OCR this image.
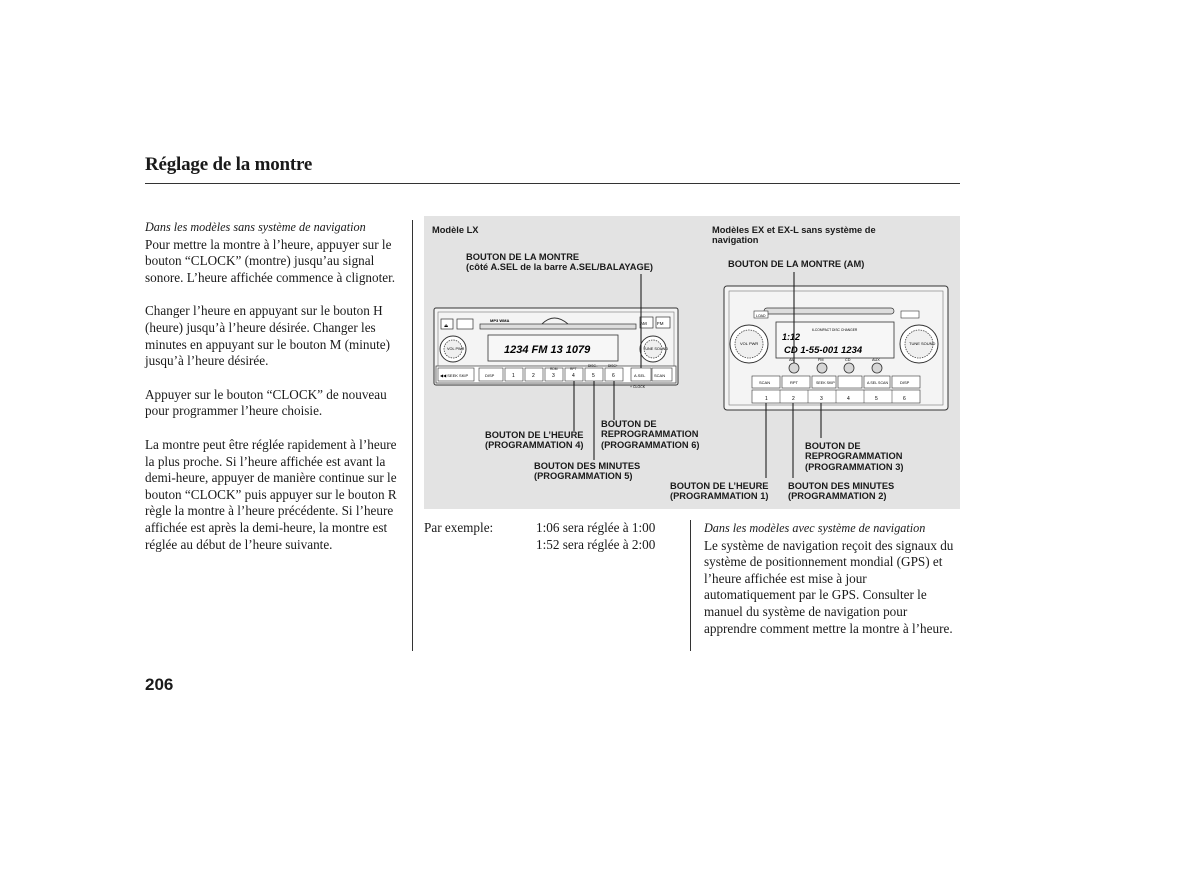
Réglage de la montre
Dans les modèles sans système de navigation

Pour mettre la montre à l’heure, appuyer sur le bouton “CLOCK” (montre) jusqu’au signal sonore. L’heure affichée commence à clignoter.

Changer l’heure en appuyant sur le bouton H (heure) jusqu’à l’heure désirée. Changer les minutes en appuyant sur le bouton M (minute) jusqu’à l’heure désirée.

Appuyer sur le bouton “CLOCK” de nouveau pour programmer l’heure choisie.

La montre peut être réglée rapidement à l’heure la plus proche. Si l’heure affichée est avant la demi-heure, appuyer de manière continue sur le bouton “CLOCK” puis appuyer sur le bouton R règle la montre à l’heure précédente. Si l’heure affichée est après la demi-heure, la montre est réglée au début de l’heure suivante.

1234 FM 13 1079
⏏	AM FM
MP3 WMA
VOL PWR	TUNE SOUND
◀◀ SEEK SKIP	DISP	1	2	3	4	5	6
RDM	RPT
DISC–	DISC+
A.SEL SCAN
+ CLOCK
1:12
CD 1-55-001 1234
6-COMPACT DISC CHANGER
LOAD
VOL PWR	TUNE SOUND
AM	FM	CD	AUX
SCAN	RPT	SEEK SKIP	A.SEL SCAN	DISP
1	2	3	4	5	6
Modèle LX
BOUTON DE LA MONTRE
(côté A.SEL de la barre A.SEL/BALAYAGE)
BOUTON DE
REPROGRAMMATION
(PROGRAMMATION 6)
BOUTON DE L’HEURE
(PROGRAMMATION 4)
BOUTON DES MINUTES
(PROGRAMMATION 5)
Modèles EX et EX-L sans système de
navigation
BOUTON DE LA MONTRE (AM)
BOUTON DE
REPROGRAMMATION
(PROGRAMMATION 3)
BOUTON DE L’HEURE
(PROGRAMMATION 1)
BOUTON DES MINUTES
(PROGRAMMATION 2)
Par exemple:	1:06 sera réglée à 1:00
1:52 sera réglée à 2:00
Dans les modèles avec système de navigation

Le système de navigation reçoit des signaux du système de positionnement mondial (GPS) et l’heure affichée est mise à jour automatiquement par le GPS. Consulter le manuel du système de navigation pour apprendre comment mettre la montre à l’heure.

206
